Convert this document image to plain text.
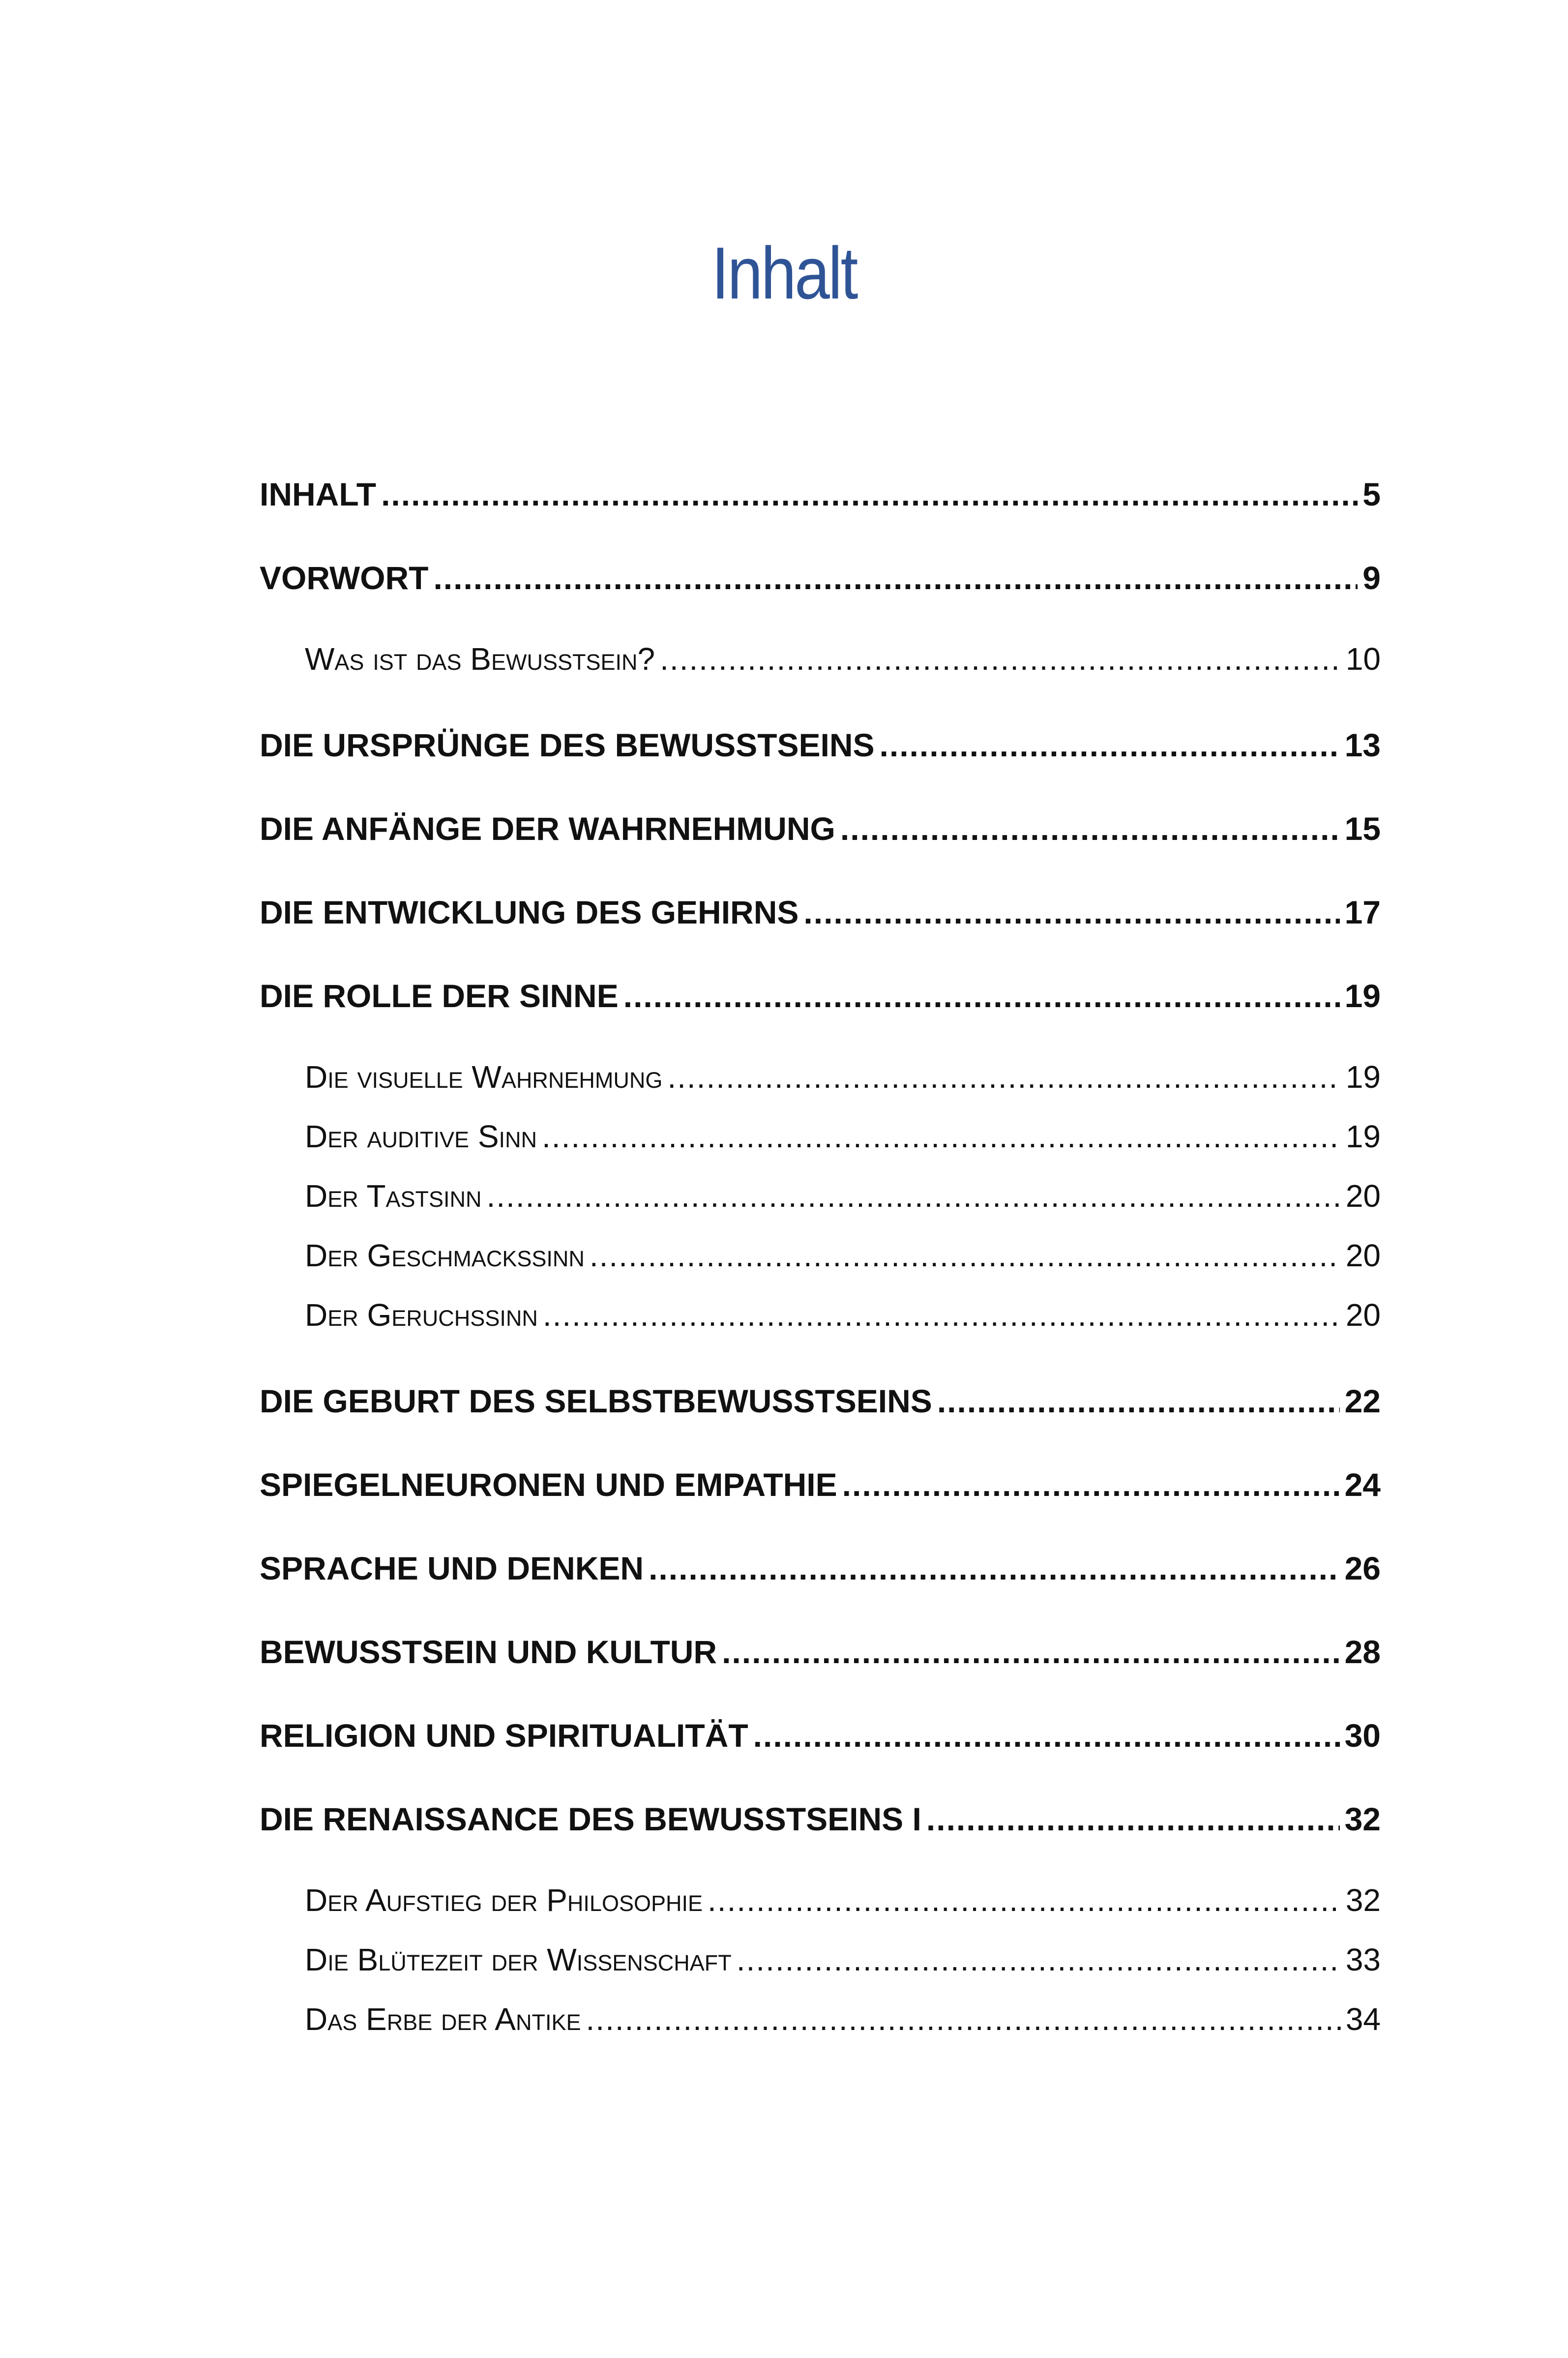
Inhalt
INHALT .....	5
VORWORT .....	9
Was ist das Bewusstsein? .....	10
DIE URSPRÜNGE DES BEWUSSTSEINS .....	13
DIE ANFÄNGE DER WAHRNEHMUNG .....	15
DIE ENTWICKLUNG DES GEHIRNS .....	17
DIE ROLLE DER SINNE .....	19
Die visuelle Wahrnehmung .....	19
Der auditive Sinn .....	19
Der Tastsinn .....	20
Der Geschmackssinn .....	20
Der Geruchssinn .....	20
DIE GEBURT DES SELBSTBEWUSSTSEINS .....	22
SPIEGELNEURONEN UND EMPATHIE .....	24
SPRACHE UND DENKEN .....	26
BEWUSSTSEIN UND KULTUR .....	28
RELIGION UND SPIRITUALITÄT .....	30
DIE RENAISSANCE DES BEWUSSTSEINS I .....	32
Der Aufstieg der Philosophie .....	32
Die Blütezeit der Wissenschaft .....	33
Das Erbe der Antike .....	34
